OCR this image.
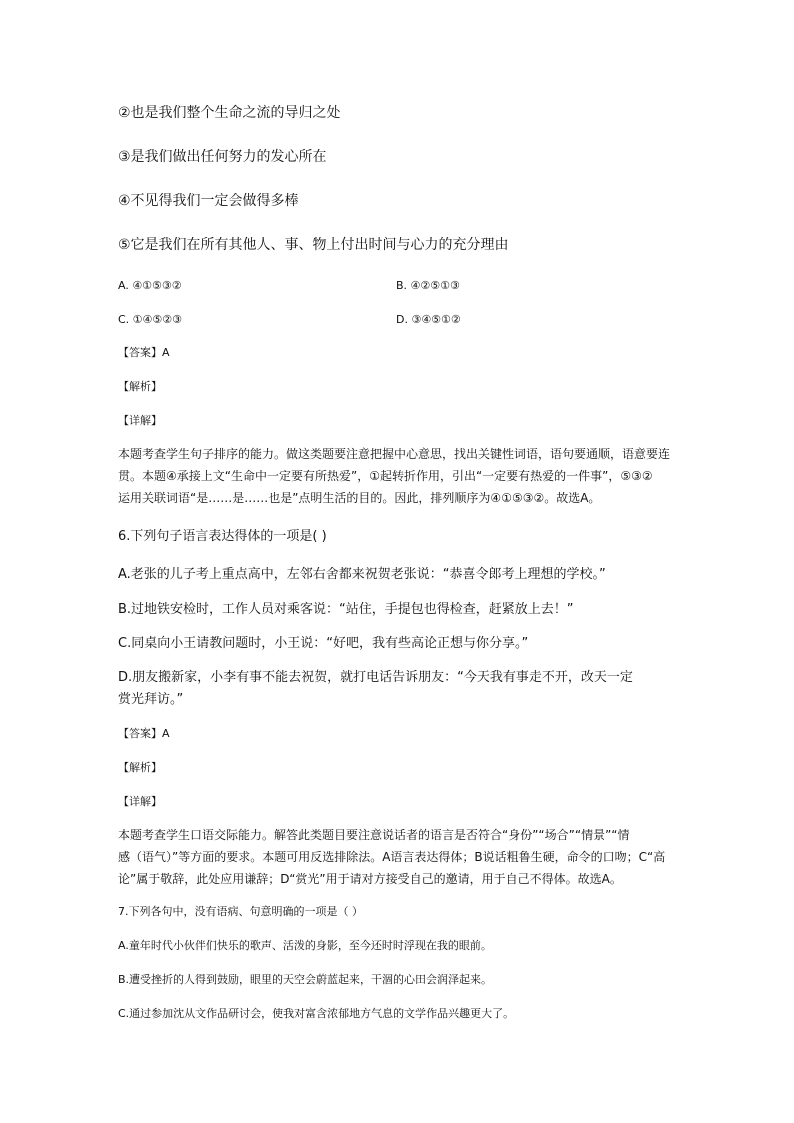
②也是我们整个生命之流的导归之处
③是我们做出任何努力的发心所在
④不见得我们一定会做得多棒
⑤它是我们在所有其他人、事、物上付出时间与心力的充分理由
A. ④①⑤③②	B. ④②⑤①③
C. ①④⑤②③	D. ③④⑤①②
【答案】A
【解析】
【详解】
本题考查学生句子排序的能力。做这类题要注意把握中心意思，找出关键性词语，语句要通顺，语意要连
贯。本题④承接上文“生命中一定要有所热爱”，①起转折作用，引出“一定要有热爱的一件事”，⑤③②
运用关联词语“是……是……也是”点明生活的目的。因此，排列顺序为④①⑤③②。故选A。
6.下列句子语言表达得体的一项是( )
A.老张的儿子考上重点高中，左邻右舍都来祝贺老张说：“恭喜令郎考上理想的学校。”
B.过地铁安检时，工作人员对乘客说：“站住，手提包也得检查，赶紧放上去！”
C.同桌向小王请教问题时，小王说：“好吧，我有些高论正想与你分享。”
D.朋友搬新家，小李有事不能去祝贺，就打电话告诉朋友：“今天我有事走不开，改天一定
赏光拜访。”
【答案】A
【解析】
【详解】
本题考查学生口语交际能力。解答此类题目要注意说话者的语言是否符合“身份”“场合”“情景”“情
感（语气）”等方面的要求。本题可用反选排除法。A语言表达得体；B说话粗鲁生硬，命令的口吻；C“高
论”属于敬辞，此处应用谦辞；D“赏光”用于请对方接受自己的邀请，用于自己不得体。故选A。
7.下列各句中，没有语病、句意明确的一项是（ ）
A.童年时代小伙伴们快乐的歌声、活泼的身影，至今还时时浮现在我的眼前。
B.遭受挫折的人得到鼓励，眼里的天空会蔚蓝起来，干涸的心田会润泽起来。
C.通过参加沈从文作品研讨会，使我对富含浓郁地方气息的文学作品兴趣更大了。
